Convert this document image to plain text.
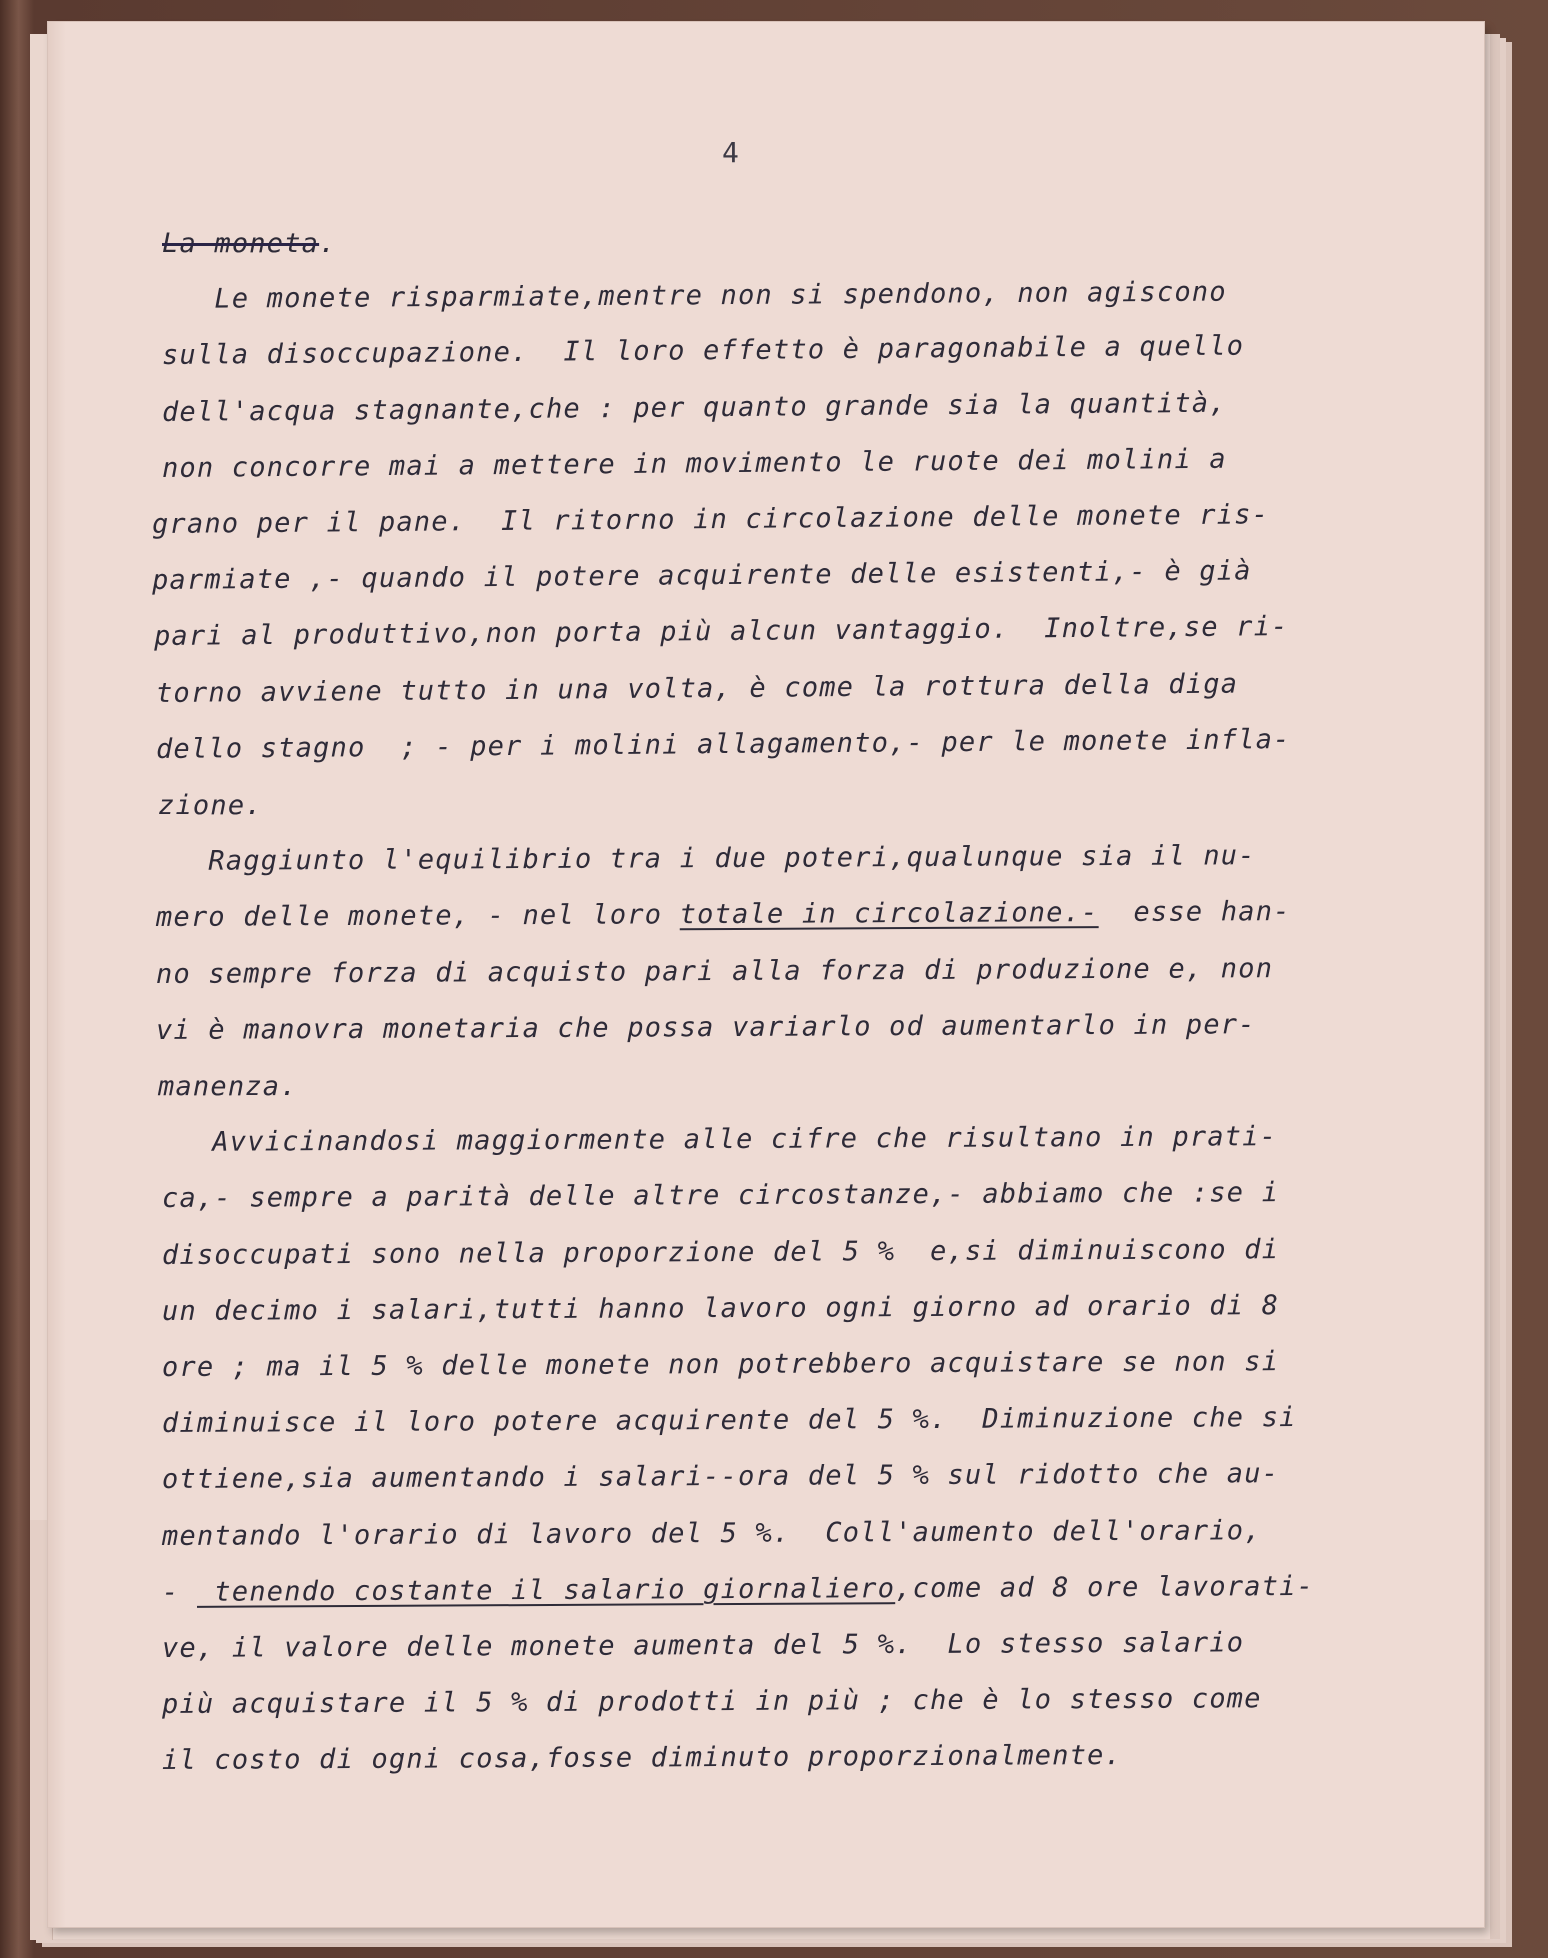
4
La moneta.
Le monete risparmiate,mentre non si spendono, non agiscono
sulla disoccupazione.  Il loro effetto è paragonabile a quello
dell'acqua stagnante,che : per quanto grande sia la quantità,
non concorre mai a mettere in movimento le ruote dei molini a
grano per il pane.  Il ritorno in circolazione delle monete ris-
parmiate ,- quando il potere acquirente delle esistenti,- è già
pari al produttivo,non porta più alcun vantaggio.  Inoltre,se ri-
torno avviene tutto in una volta, è come la rottura della diga
dello stagno  ; - per i molini allagamento,- per le monete infla-
zione.
Raggiunto l'equilibrio tra i due poteri,qualunque sia il nu-
mero delle monete, - nel loro totale in circolazione.-  esse han-
no sempre forza di acquisto pari alla forza di produzione e, non
vi è manovra monetaria che possa variarlo od aumentarlo in per-
manenza.
Avvicinandosi maggiormente alle cifre che risultano in prati-
ca,- sempre a parità delle altre circostanze,- abbiamo che :se i
disoccupati sono nella proporzione del 5 %  e,si diminuiscono di
un decimo i salari,tutti hanno lavoro ogni giorno ad orario di 8
ore ; ma il 5 % delle monete non potrebbero acquistare se non si
diminuisce il loro potere acquirente del 5 %.  Diminuzione che si
ottiene,sia aumentando i salari--ora del 5 % sul ridotto che au-
mentando l'orario di lavoro del 5 %.  Coll'aumento dell'orario,
-  tenendo costante il salario giornaliero,come ad 8 ore lavorati-
ve, il valore delle monete aumenta del 5 %.  Lo stesso salario
più acquistare il 5 % di prodotti in più ; che è lo stesso come
il costo di ogni cosa,fosse diminuto proporzionalmente.
